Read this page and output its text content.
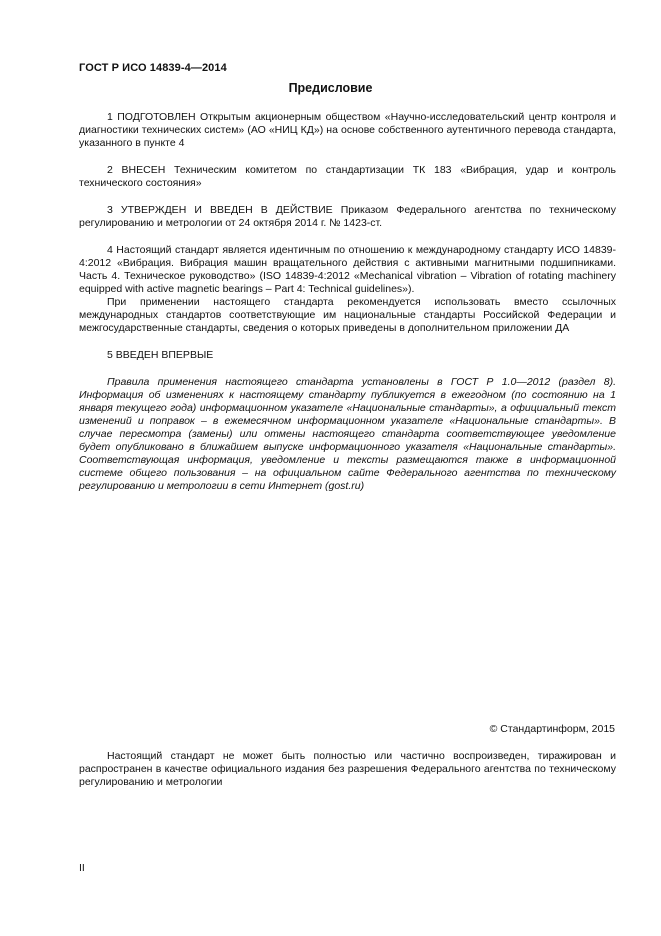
ГОСТ Р ИСО 14839-4—2014
Предисловие

1 ПОДГОТОВЛЕН Открытым акционерным обществом «Научно-исследовательский центр контроля и диагностики технических систем» (АО «НИЦ КД») на основе собственного аутентичного перевода стандарта, указанного в пункте 4

2 ВНЕСЕН Техническим комитетом по стандартизации ТК 183 «Вибрация, удар и контроль технического состояния»

3 УТВЕРЖДЕН И ВВЕДЕН В ДЕЙСТВИЕ Приказом Федерального агентства по техническому регулированию и метрологии от 24 октября 2014 г. № 1423-ст.

4 Настоящий стандарт является идентичным по отношению к международному стандарту ИСО 14839-4:2012 «Вибрация. Вибрация машин вращательного действия с активными магнитными подшипниками. Часть 4. Техническое руководство» (ISO 14839-4:2012 «Mechanical vibration – Vibration of rotating machinery equipped with active magnetic bearings – Part 4: Technical guidelines»).

При применении настоящего стандарта рекомендуется использовать вместо ссылочных международных стандартов соответствующие им национальные стандарты Российской Федерации и межгосударственные стандарты, сведения о которых приведены в дополнительном приложении ДА

5 ВВЕДЕН ВПЕРВЫЕ

Правила применения настоящего стандарта установлены в ГОСТ Р 1.0—2012 (раздел 8). Информация об изменениях к настоящему стандарту публикуется в ежегодном (по состоянию на 1 января текущего года) информационном указателе «Национальные стандарты», а официальный текст изменений и поправок – в ежемесячном информационном указателе «Национальные стандарты». В случае пересмотра (замены) или отмены настоящего стандарта соответствующее уведомление будет опубликовано в ближайшем выпуске информационного указателя «Национальные стандарты». Соответствующая информация, уведомление и тексты размещаются также в информационной системе общего пользования – на официальном сайте Федерального агентства по техническому регулированию и метрологии в сети Интернет (gost.ru)

© Стандартинформ, 2015

Настоящий стандарт не может быть полностью или частично воспроизведен, тиражирован и распространен в качестве официального издания без разрешения Федерального агентства по техническому регулированию и метрологии

II
